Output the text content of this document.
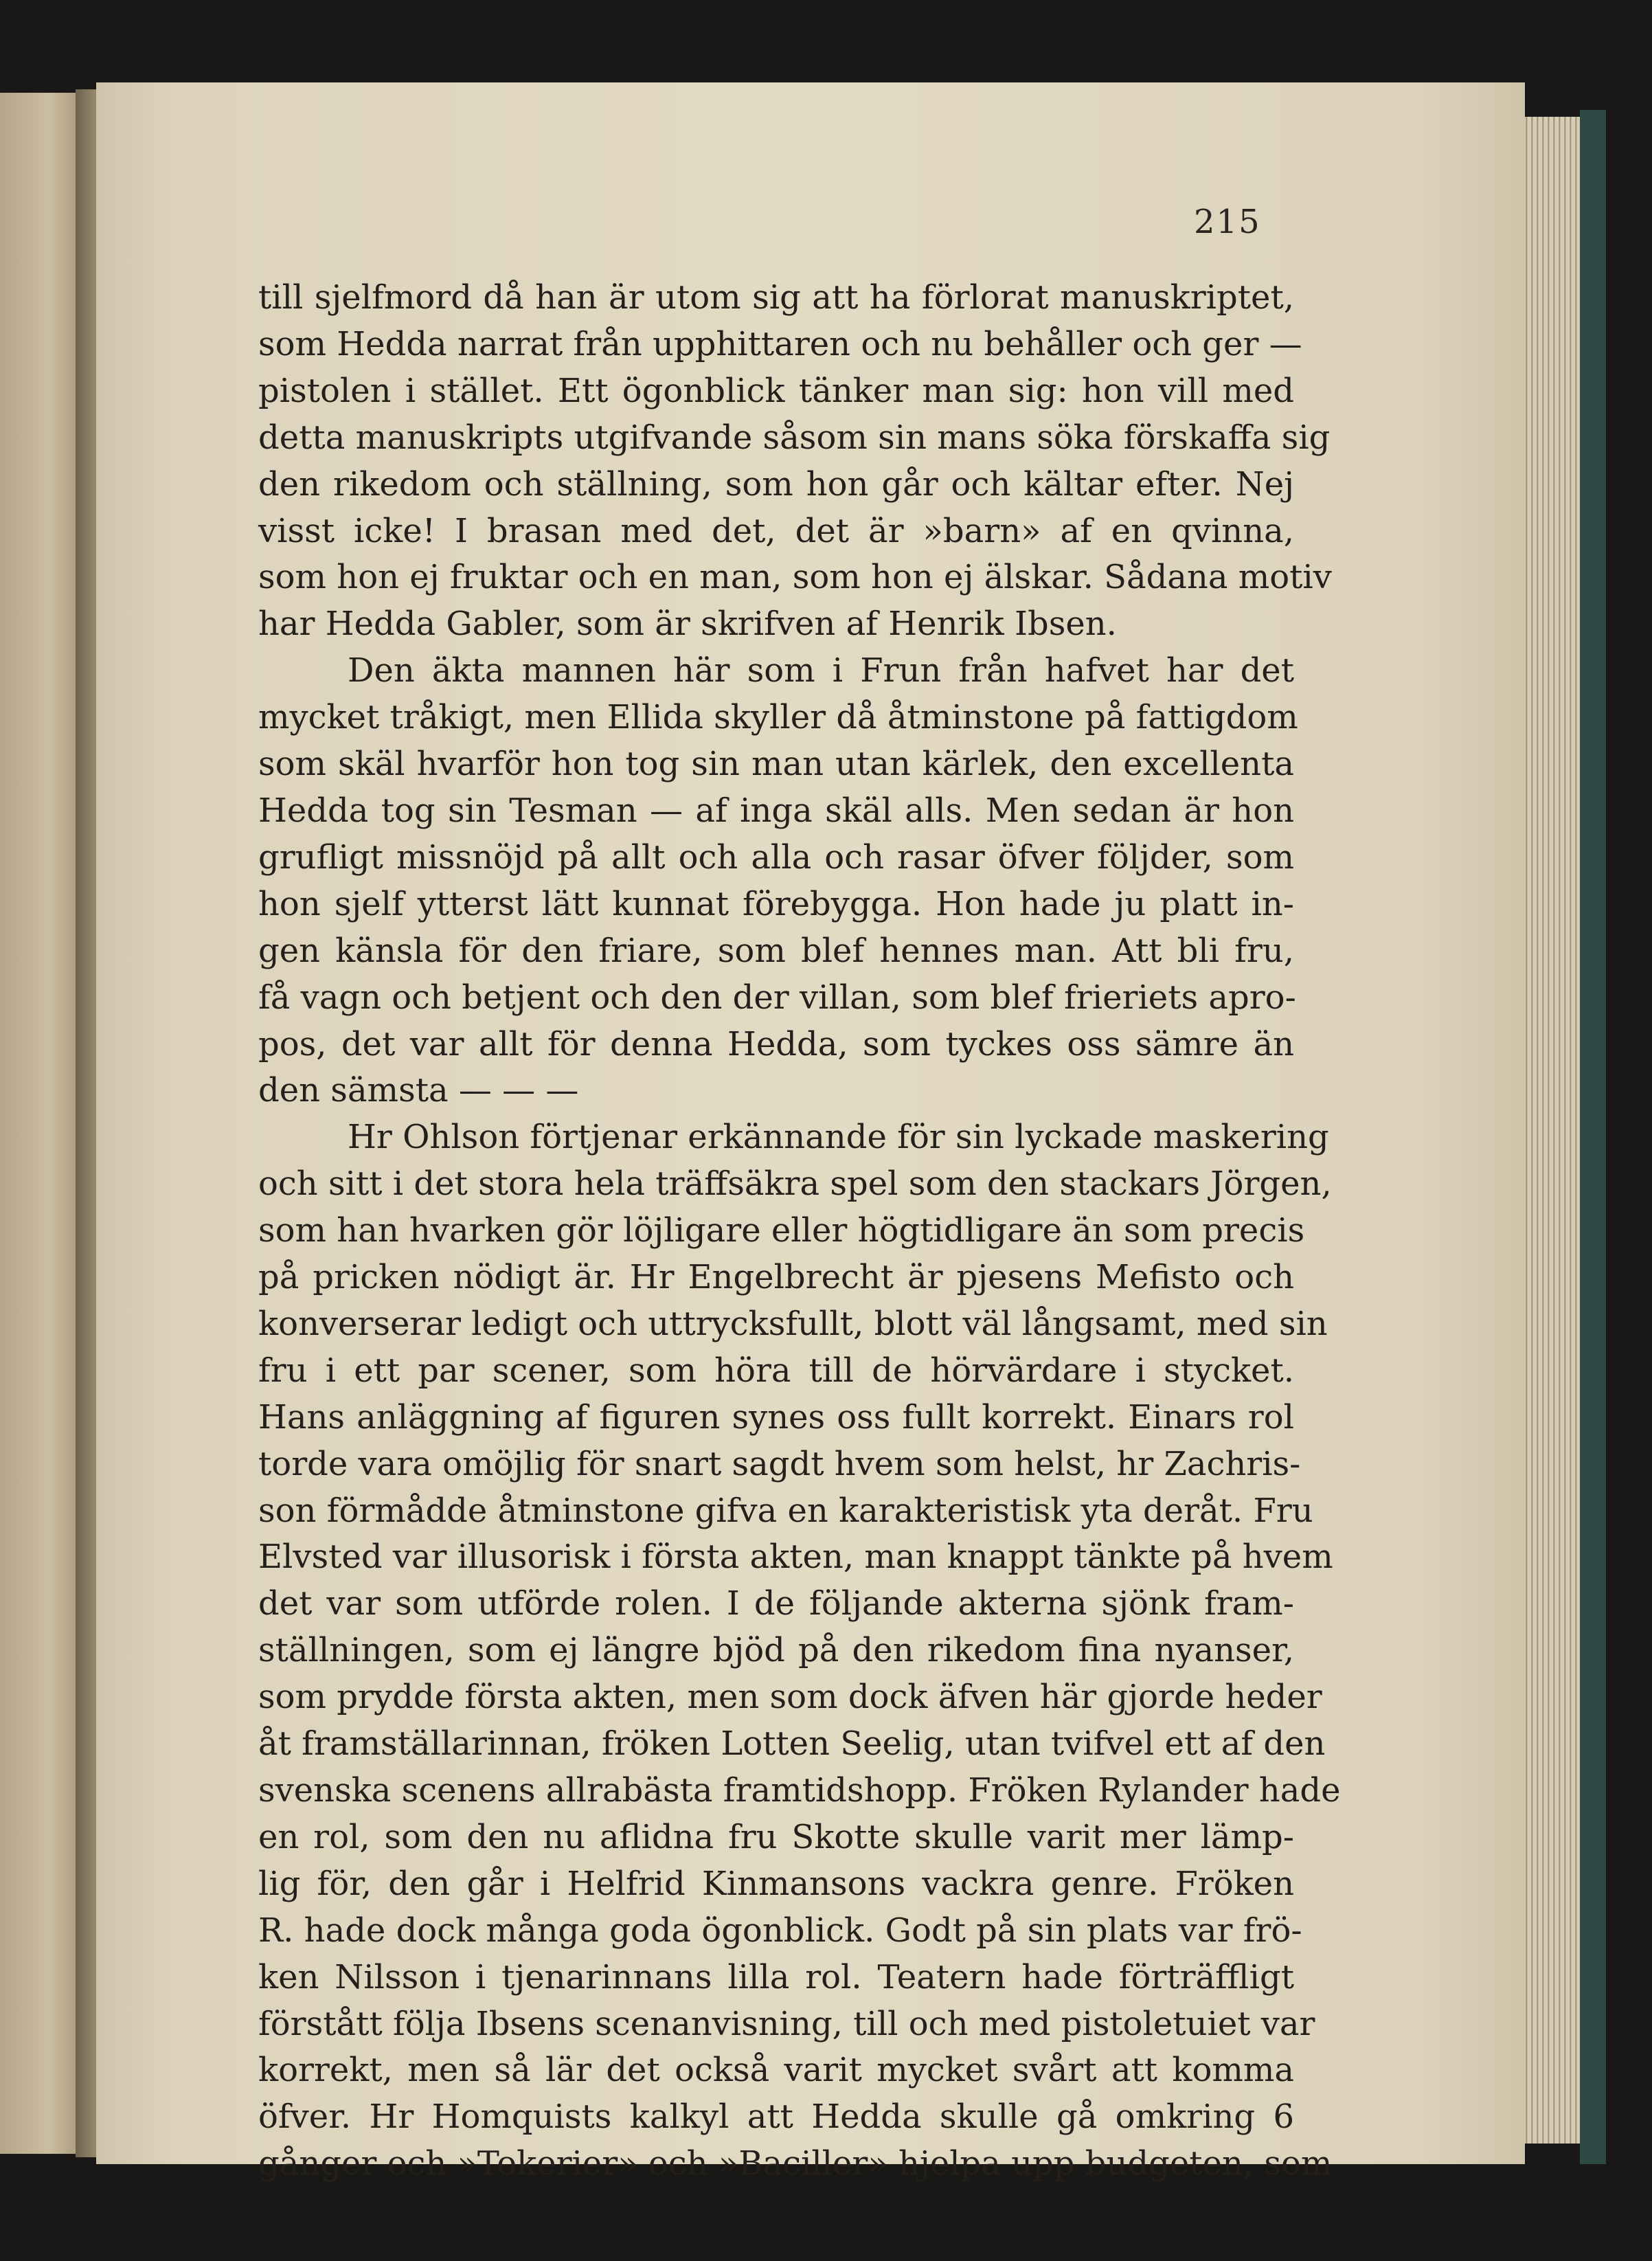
215
till sjelfmord då han är utom sig att ha förlorat manuskriptet,
som Hedda narrat från upphittaren och nu behåller och ger —
pistolen i stället. Ett ögonblick tänker man sig: hon vill med
detta manuskripts utgifvande såsom sin mans söka förskaffa sig
den rikedom och ställning, som hon går och kältar efter. Nej
visst icke! I brasan med det, det är »barn» af en qvinna,
som hon ej fruktar och en man, som hon ej älskar. Sådana motiv
har Hedda Gabler, som är skrifven af Henrik Ibsen.
Den äkta mannen här som i Frun från hafvet har det
mycket tråkigt, men Ellida skyller då åtminstone på fattigdom
som skäl hvarför hon tog sin man utan kärlek, den excellenta
Hedda tog sin Tesman — af inga skäl alls. Men sedan är hon
grufligt missnöjd på allt och alla och rasar öfver följder, som
hon sjelf ytterst lätt kunnat förebygga. Hon hade ju platt in-
gen känsla för den friare, som blef hennes man. Att bli fru,
få vagn och betjent och den der villan, som blef frieriets apro-
pos, det var allt för denna Hedda, som tyckes oss sämre än
den sämsta — — —
Hr Ohlson förtjenar erkännande för sin lyckade maskering
och sitt i det stora hela träffsäkra spel som den stackars Jörgen,
som han hvarken gör löjligare eller högtidligare än som precis
på pricken nödigt är. Hr Engelbrecht är pjesens Mefisto och
konverserar ledigt och uttrycksfullt, blott väl långsamt, med sin
fru i ett par scener, som höra till de hörvärdare i stycket.
Hans anläggning af figuren synes oss fullt korrekt. Einars rol
torde vara omöjlig för snart sagdt hvem som helst, hr Zachris-
son förmådde åtminstone gifva en karakteristisk yta deråt. Fru
Elvsted var illusorisk i första akten, man knappt tänkte på hvem
det var som utförde rolen. I de följande akterna sjönk fram-
ställningen, som ej längre bjöd på den rikedom fina nyanser,
som prydde första akten, men som dock äfven här gjorde heder
åt framställarinnan, fröken Lotten Seelig, utan tvifvel ett af den
svenska scenens allrabästa framtidshopp. Fröken Rylander hade
en rol, som den nu aflidna fru Skotte skulle varit mer lämp-
lig för, den går i Helfrid Kinmansons vackra genre. Fröken
R. hade dock många goda ögonblick. Godt på sin plats var frö-
ken Nilsson i tjenarinnans lilla rol. Teatern hade förträffligt
förstått följa Ibsens scenanvisning, till och med pistoletuiet var
korrekt, men så lär det också varit mycket svårt att komma
öfver. Hr Homquists kalkyl att Hedda skulle gå omkring 6
gånger och »Tokerier» och »Baciller» hjelpa upp budgeten, som
